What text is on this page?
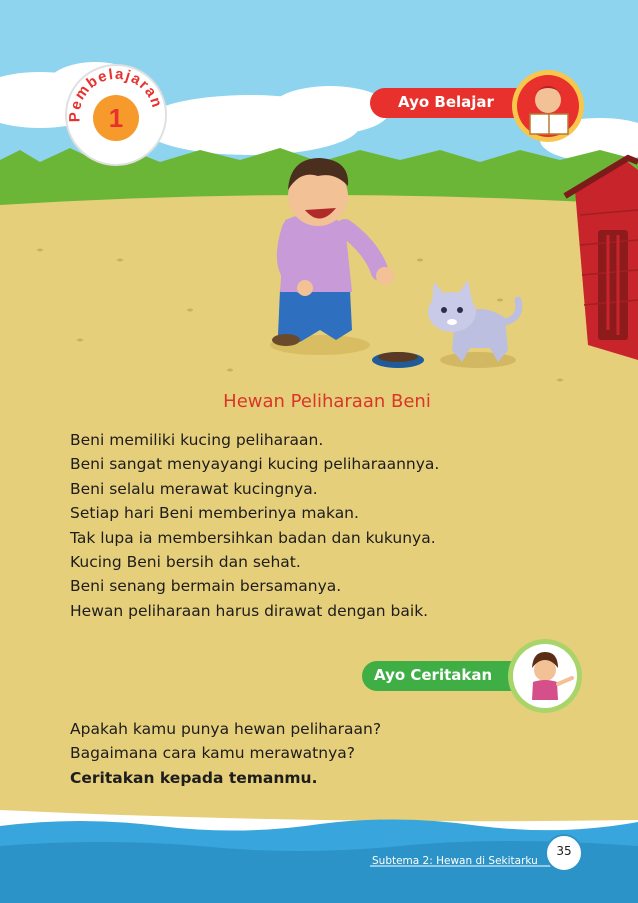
Pembelajaran
1
Ayo Belajar
Hewan Peliharaan Beni
Beni memiliki kucing peliharaan.
Beni sangat menyayangi kucing peliharaannya.
Beni selalu merawat kucingnya.
Setiap hari Beni memberinya makan.
Tak lupa ia membersihkan badan dan kukunya.
Kucing Beni bersih dan sehat.
Beni senang bermain bersamanya.
Hewan peliharaan harus dirawat dengan baik.
Ayo Ceritakan
Apakah kamu punya hewan peliharaan?
Bagaimana cara kamu merawatnya?
Ceritakan kepada temanmu.
Subtema 2: Hewan di Sekitarku
35
